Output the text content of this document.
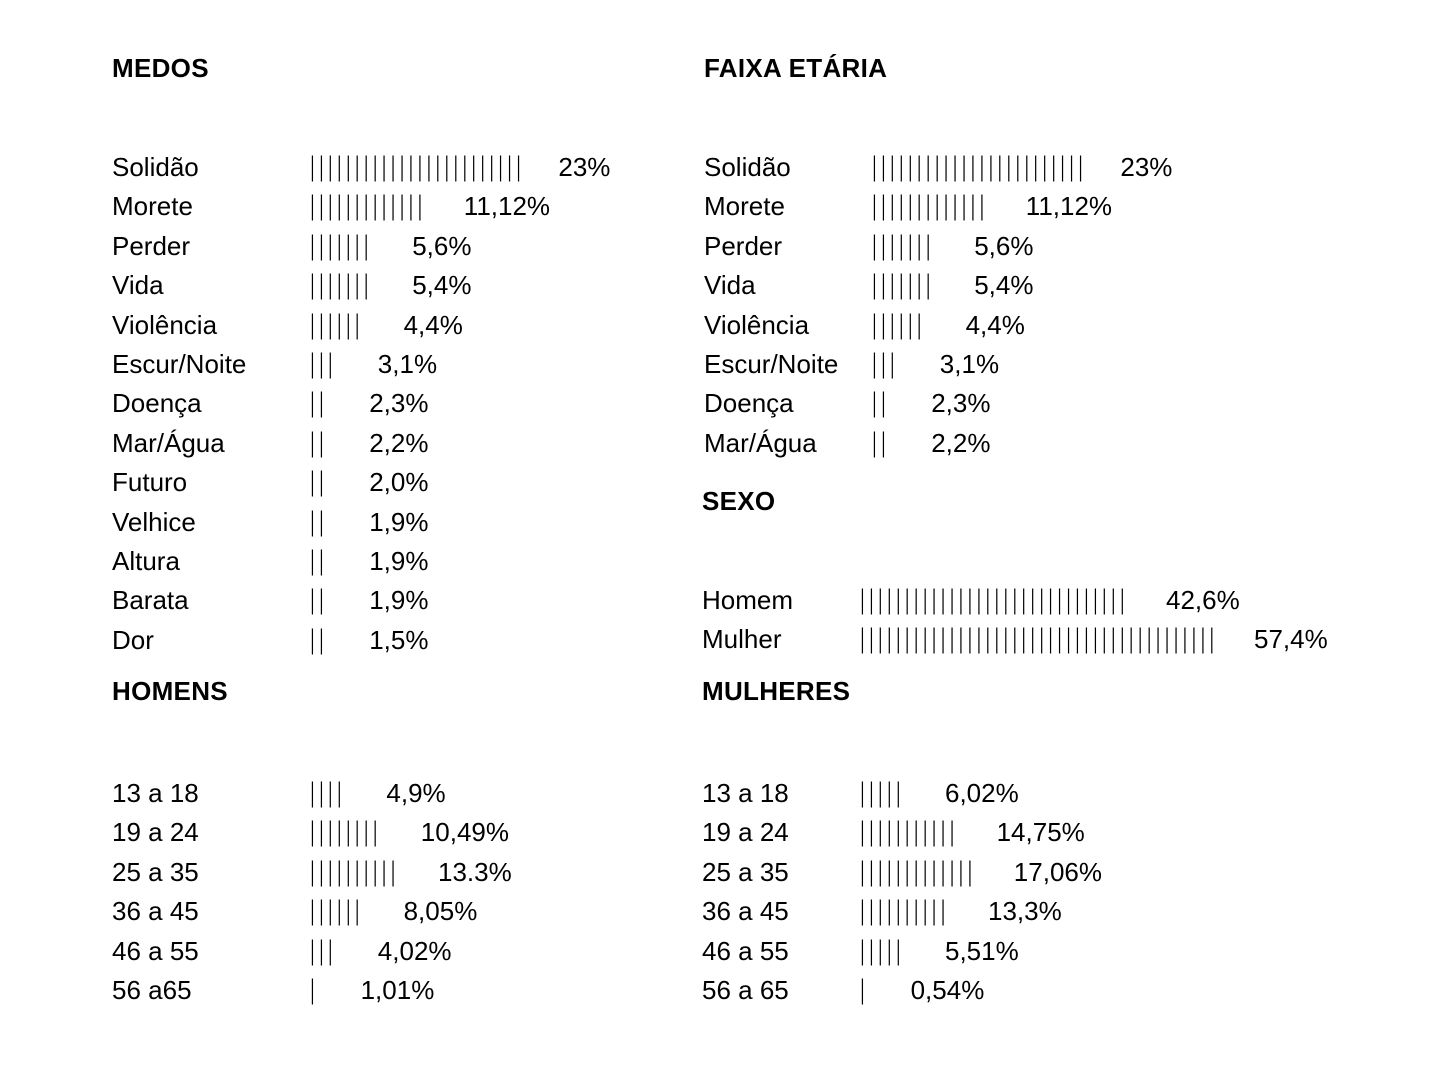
MEDOS
Solidão	|||||||||||||||||||||||| 23%
Morete	||||||||||||| 11,12%
Perder	||||||| 5,6%
Vida	||||||| 5,4%
Violência	|||||| 4,4%
Escur/Noite ||| 3,1%
Doença	|| 2,3%
Mar/Água	|| 2,2%
Futuro	|| 2,0%
Velhice	|| 1,9%
Altura	|| 1,9%
Barata	|| 1,9%
Dor	|| 1,5%
FAIXA ETÁRIA
Solidão	|||||||||||||||||||||||| 23%
Morete	||||||||||||| 11,12%
Perder	||||||| 5,6%
Vida	||||||| 5,4%
Violência |||||| 4,4%
Escur/Noite ||| 3,1%
Doença	|| 2,3%
Mar/Água || 2,2%
SEXO
Homem |||||||||||||||||||||||||||||| 42,6%
Mulher	|||||||||||||||||||||||||||||||||||||||| 57,4%
HOMENS
13 a 18	|||| 4,9%
19 a 24	|||||||| 10,49%
25 a 35	|||||||||| 13.3%
36 a 45	|||||| 8,05%
46 a 55	||| 4,02%
56 a65	| 1,01%
MULHERES
13 a 18	||||| 6,02%
19 a 24	||||||||||| 14,75%
25 a 35	||||||||||||| 17,06%
36 a 45	|||||||||| 13,3%
46 a 55	||||| 5,51%
56 a 65	| 0,54%
